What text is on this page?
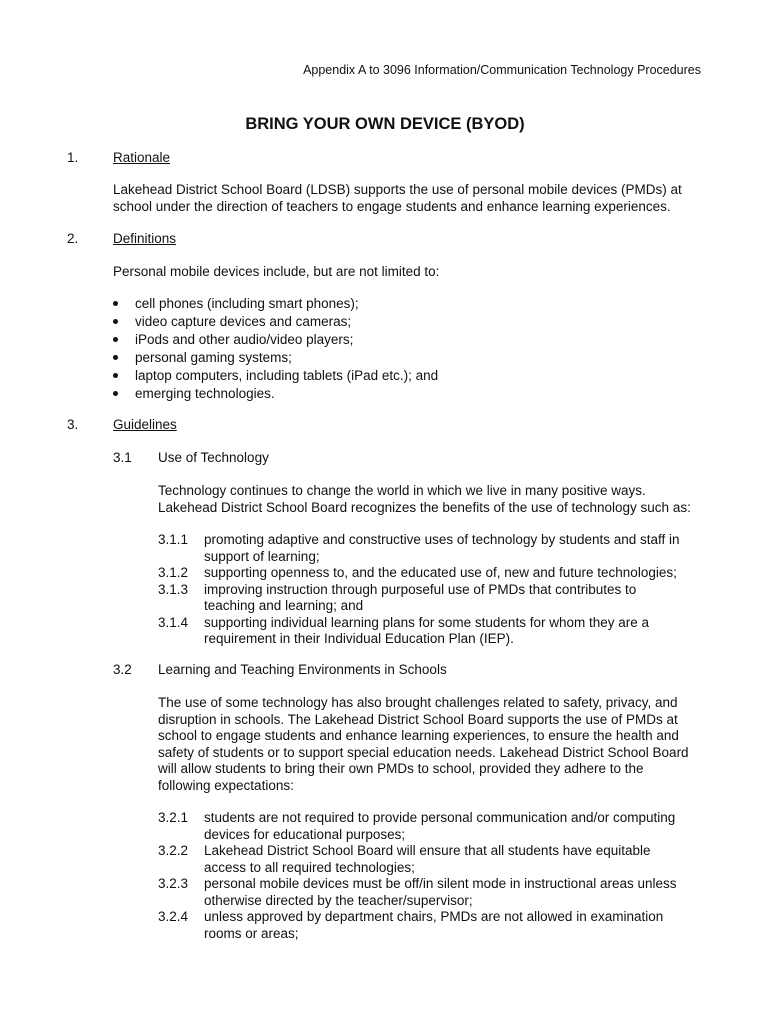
Appendix A to 3096 Information/Communication Technology Procedures
BRING YOUR OWN DEVICE (BYOD)
1.	Rationale
Lakehead District School Board (LDSB) supports the use of personal mobile devices (PMDs) at
school under the direction of teachers to engage students and enhance learning experiences.
2.	Definitions
Personal mobile devices include, but are not limited to:
cell phones (including smart phones);
video capture devices and cameras;
iPods and other audio/video players;
personal gaming systems;
laptop computers, including tablets (iPad etc.); and
emerging technologies.
3.	Guidelines
3.1 Use of Technology
Technology continues to change the world in which we live in many positive ways.
Lakehead District School Board recognizes the benefits of the use of technology such as:
3.1.1 promoting adaptive and constructive uses of technology by students and staff in
support of learning;
3.1.2 supporting openness to, and the educated use of, new and future technologies;
3.1.3 improving instruction through purposeful use of PMDs that contributes to
teaching and learning; and
3.1.4 supporting individual learning plans for some students for whom they are a
requirement in their Individual Education Plan (IEP).
3.2 Learning and Teaching Environments in Schools
The use of some technology has also brought challenges related to safety, privacy, and
disruption in schools. The Lakehead District School Board supports the use of PMDs at
school to engage students and enhance learning experiences, to ensure the health and
safety of students or to support special education needs. Lakehead District School Board
will allow students to bring their own PMDs to school, provided they adhere to the
following expectations:
3.2.1 students are not required to provide personal communication and/or computing
devices for educational purposes;
3.2.2 Lakehead District School Board will ensure that all students have equitable
access to all required technologies;
3.2.3 personal mobile devices must be off/in silent mode in instructional areas unless
otherwise directed by the teacher/supervisor;
3.2.4 unless approved by department chairs, PMDs are not allowed in examination
rooms or areas;
